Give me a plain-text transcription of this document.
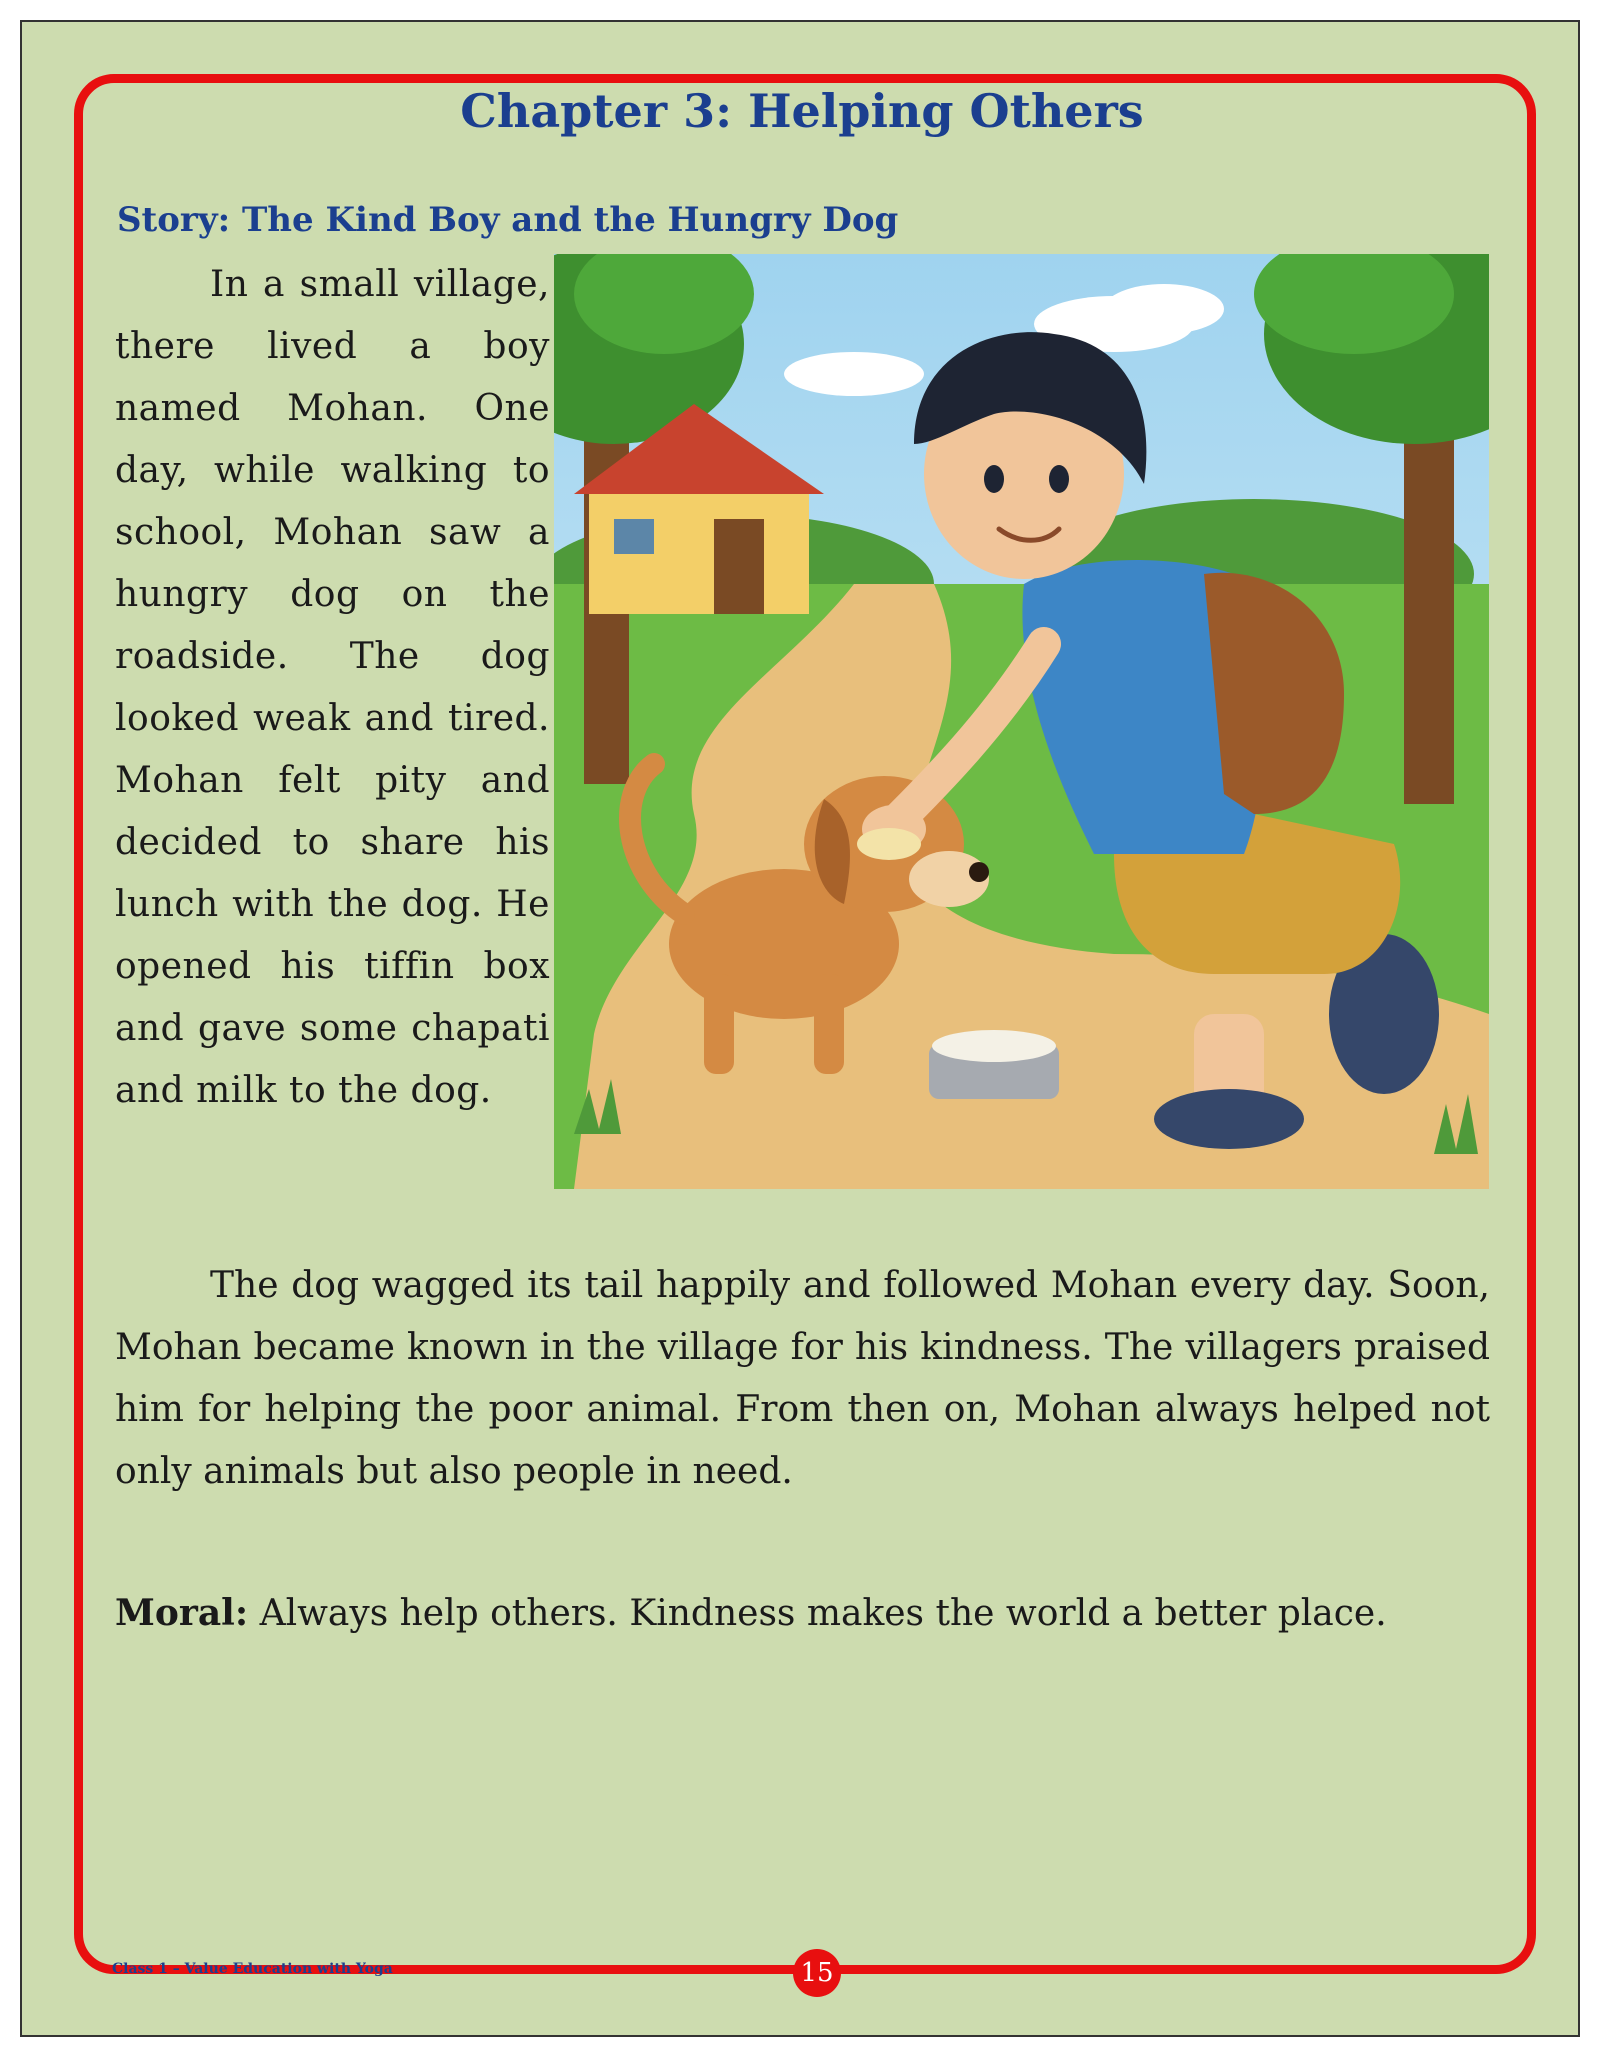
Chapter 3: Helping Others
Story: The Kind Boy and the Hungry Dog

In a small village, there lived a boy named Mohan. One day, while walking to school, Mohan saw a hungry dog on the roadside. The dog looked weak and tired. Mohan felt pity and decided to share his lunch with the dog. He opened his tiffin box and gave some chapati and milk to the dog.

The dog wagged its tail happily and followed Mohan every day. Soon, Mohan became known in the village for his kindness. The villagers praised him for helping the poor animal. From then on, Mohan always helped not only animals but also people in need.

Moral: Always help others. Kindness makes the world a better place.

Class 1 – Value Education with Yoga	15
